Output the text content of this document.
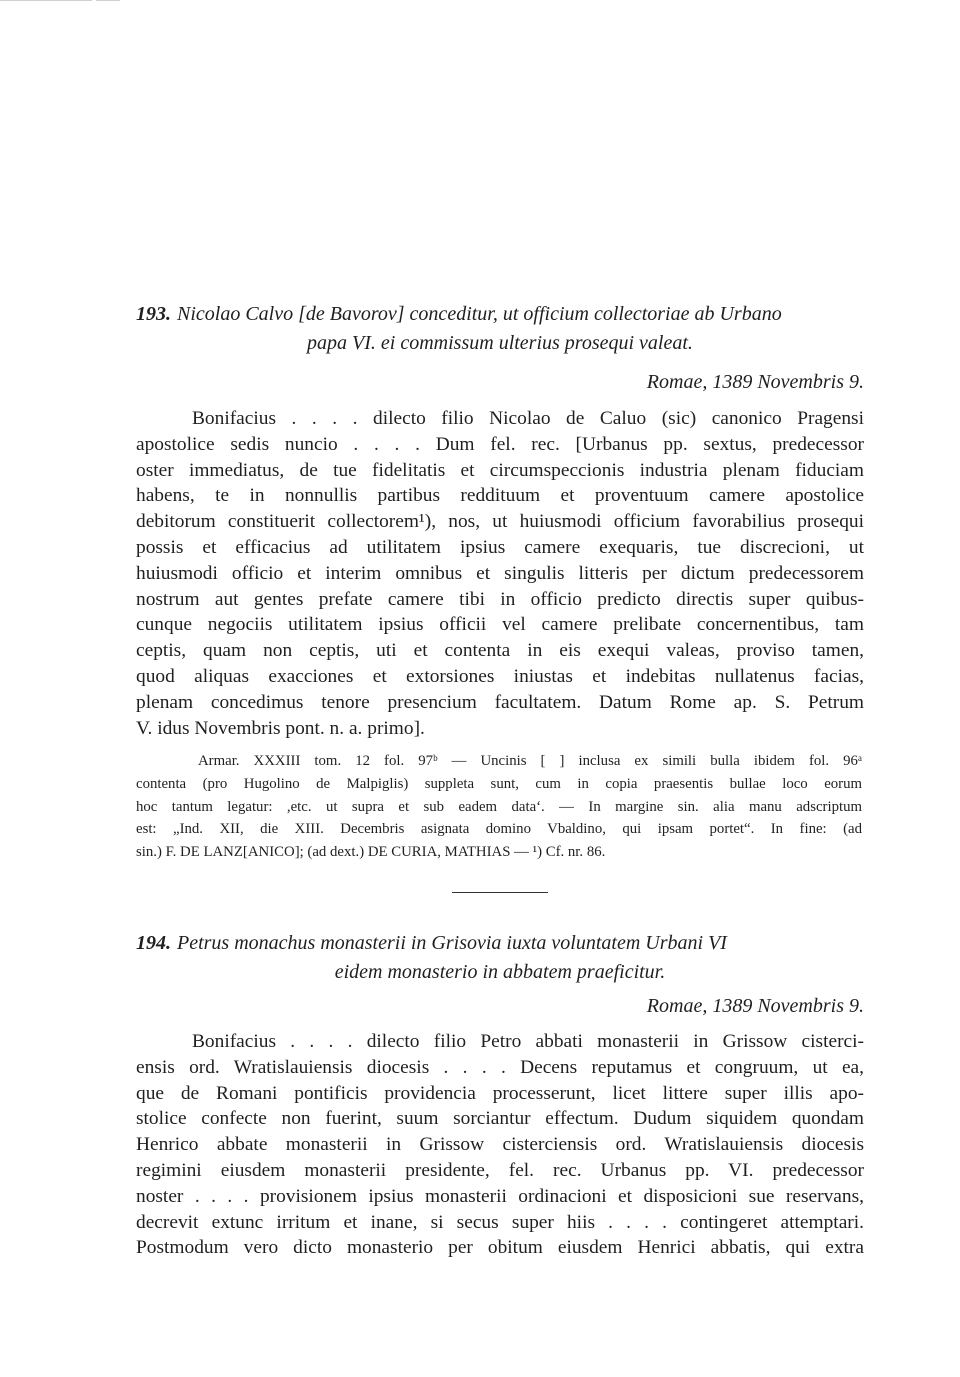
193. Nicolao Calvo [de Bavorov] conceditur, ut officium collectoriae ab Urbano
papa VI. ei commissum ulterius prosequi valeat.
Romae, 1389 Novembris 9.
Bonifacius . . . . dilecto filio Nicolao de Caluo (sic) canonico Pragensi
apostolice sedis nuncio . . . . Dum fel. rec. [Urbanus pp. sextus, predecessor
oster immediatus, de tue fidelitatis et circumspeccionis industria plenam fiduciam
habens, te in nonnullis partibus reddituum et proventuum camere apostolice
debitorum constituerit collectorem¹), nos, ut huiusmodi officium favorabilius prosequi
possis et efficacius ad utilitatem ipsius camere exequaris, tue discrecioni, ut
huiusmodi officio et interim omnibus et singulis litteris per dictum predecessorem
nostrum aut gentes prefate camere tibi in officio predicto directis super quibus-
cunque negociis utilitatem ipsius officii vel camere prelibate concernentibus, tam
ceptis, quam non ceptis, uti et contenta in eis exequi valeas, proviso tamen,
quod aliquas exacciones et extorsiones iniustas et indebitas nullatenus facias,
plenam concedimus tenore presencium facultatem. Datum Rome ap. S. Petrum
V. idus Novembris pont. n. a. primo].
Armar. XXXIII tom. 12 fol. 97ᵇ — Uncinis [ ] inclusa ex simili bulla ibidem fol. 96ᵃ
contenta (pro Hugolino de Malpiglis) suppleta sunt, cum in copia praesentis bullae loco eorum
hoc tantum legatur: ,etc. ut supra et sub eadem data‘. — In margine sin. alia manu adscriptum
est: „Ind. XII, die XIII. Decembris asignata domino Vbaldino, qui ipsam portet“. In fine: (ad
sin.) F. DE LANZ[ANICO]; (ad dext.) DE CURIA, MATHIAS — ¹) Cf. nr. 86.
194. Petrus monachus monasterii in Grisovia iuxta voluntatem Urbani VI
eidem monasterio in abbatem praeficitur.
Romae, 1389 Novembris 9.
Bonifacius . . . . dilecto filio Petro abbati monasterii in Grissow cisterci-
ensis ord. Wratislauiensis diocesis . . . . Decens reputamus et congruum, ut ea,
que de Romani pontificis providencia processerunt, licet littere super illis apo-
stolice confecte non fuerint, suum sorciantur effectum. Dudum siquidem quondam
Henrico abbate monasterii in Grissow cisterciensis ord. Wratislauiensis diocesis
regimini eiusdem monasterii presidente, fel. rec. Urbanus pp. VI. predecessor
noster . . . . provisionem ipsius monasterii ordinacioni et disposicioni sue reservans,
decrevit extunc irritum et inane, si secus super hiis . . . . contingeret attemptari.
Postmodum vero dicto monasterio per obitum eiusdem Henrici abbatis, qui extra
